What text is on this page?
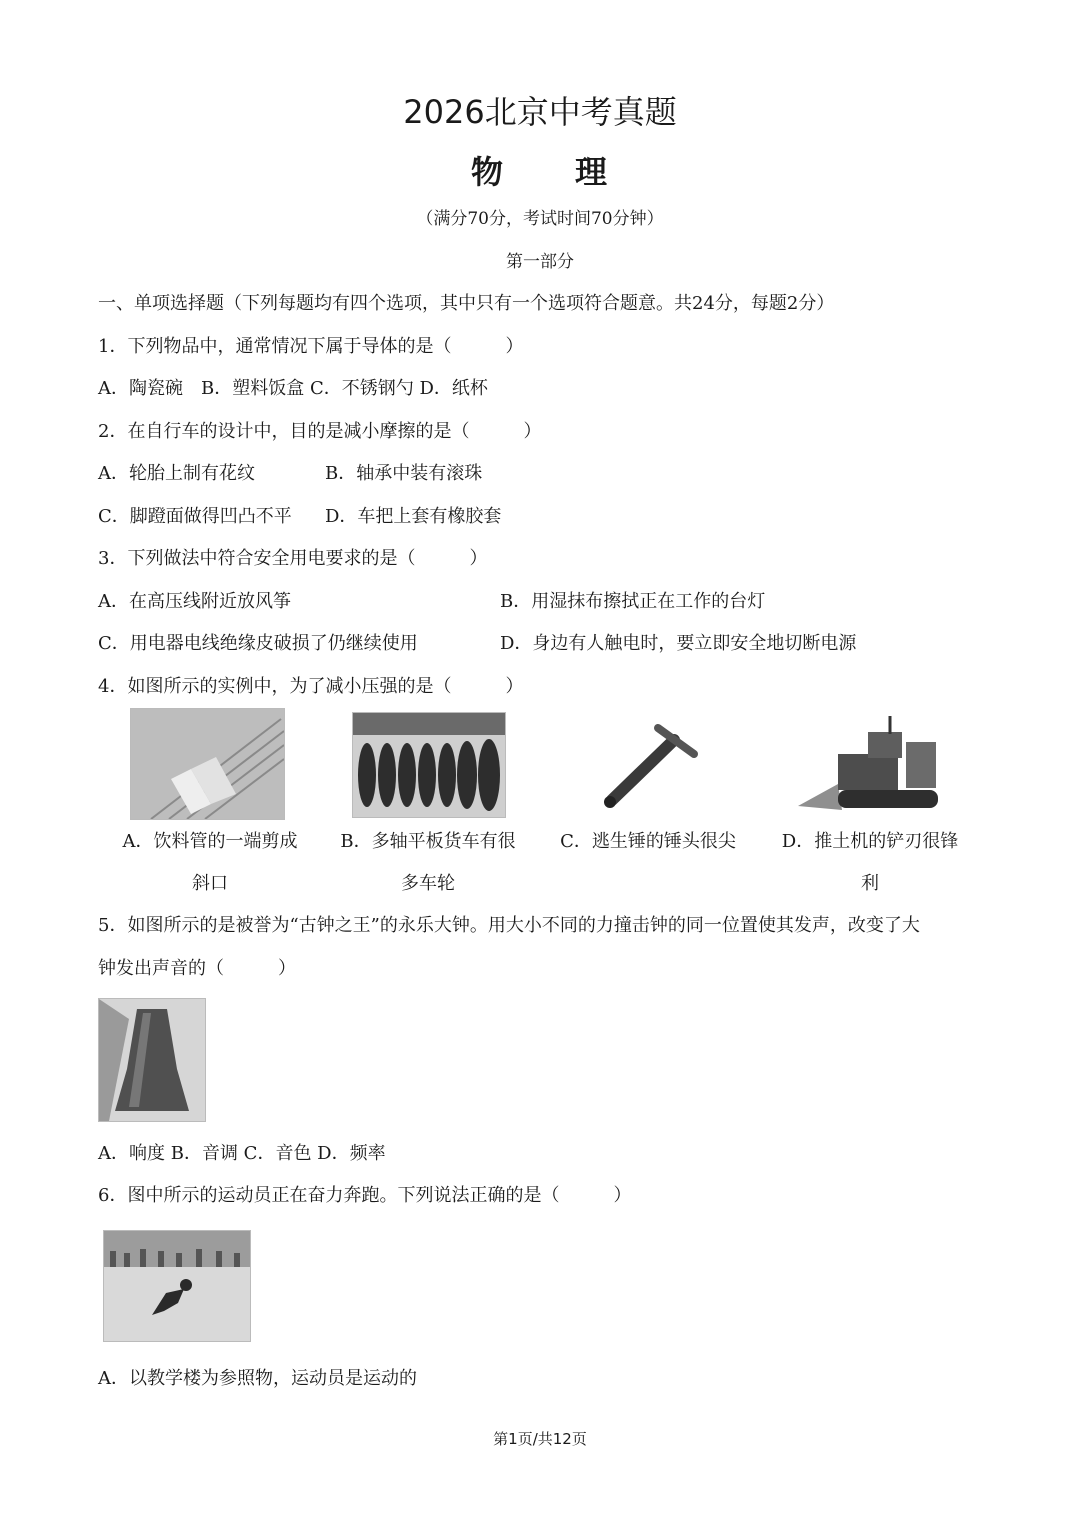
2026北京中考真题
物 理
（满分70分，考试时间70分钟）
第一部分
一、单项选择题（下列每题均有四个选项，其中只有一个选项符合题意。共24分，每题2分）
1．下列物品中，通常情况下属于导体的是（　　　）
A．陶瓷碗　B．塑料饭盒 C．不锈钢勺 D．纸杯
2．在自行车的设计中，目的是减小摩擦的是（　　　）
A．轮胎上制有花纹	B．轴承中装有滚珠
C．脚蹬面做得凹凸不平 D．车把上套有橡胶套
3．下列做法中符合安全用电要求的是（　　　）
A．在高压线附近放风筝	B．用湿抹布擦拭正在工作的台灯
C．用电器电线绝缘皮破损了仍继续使用	D．身边有人触电时，要立即安全地切断电源
4．如图所示的实例中，为了减小压强的是（　　　）
A．饮料管的一端剪成
斜口
B．多轴平板货车有很
多车轮
C．逃生锤的锤头很尖	D．推土机的铲刃很锋
利
5．如图所示的是被誉为“古钟之王”的永乐大钟。用大小不同的力撞击钟的同一位置使其发声，改变了大
钟发出声音的（　　　）
A．响度 B．音调 C．音色 D．频率
6．图中所示的运动员正在奋力奔跑。下列说法正确的是（　　　）
A．以教学楼为参照物，运动员是运动的
第1页/共12页
